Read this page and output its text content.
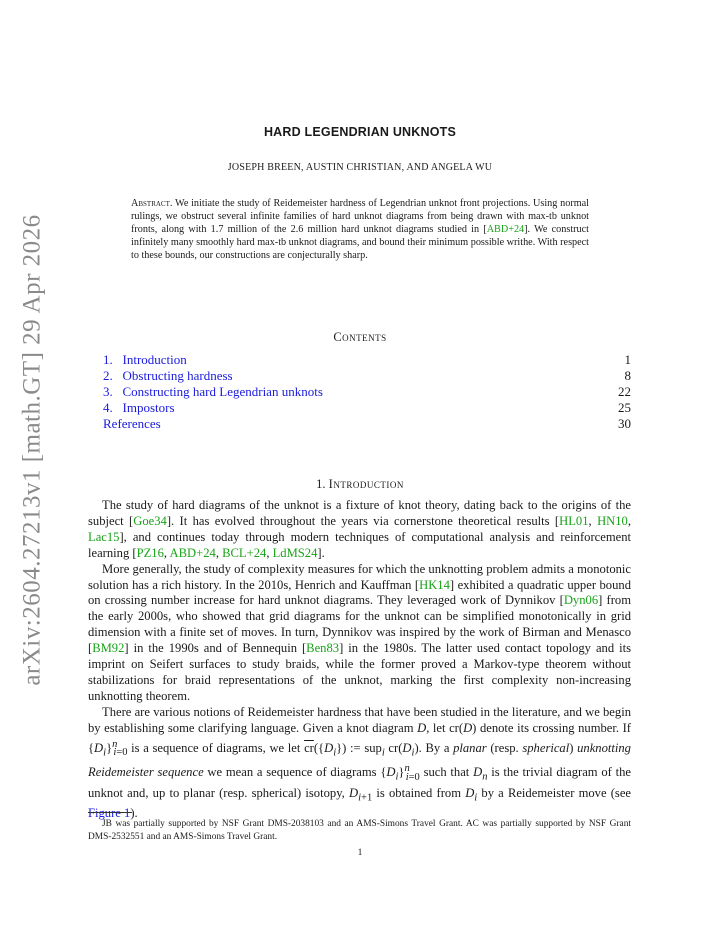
arXiv:2604.27213v1 [math.GT] 29 Apr 2026
HARD LEGENDRIAN UNKNOTS
JOSEPH BREEN, AUSTIN CHRISTIAN, AND ANGELA WU
Abstract. We initiate the study of Reidemeister hardness of Legendrian unknot front projections. Using normal rulings, we obstruct several infinite families of hard unknot diagrams from being drawn with max-tb unknot fronts, along with 1.7 million of the 2.6 million hard unknot diagrams studied in [ABD+24]. We construct infinitely many smoothly hard max-tb unknot diagrams, and bound their minimum possible writhe. With respect to these bounds, our constructions are conjecturally sharp.
Contents
1. Introduction	1
2. Obstructing hardness	8
3. Constructing hard Legendrian unknots	22
4. Impostors	25
References	30
1. Introduction

The study of hard diagrams of the unknot is a fixture of knot theory, dating back to the origins of the subject [Goe34]. It has evolved throughout the years via cornerstone theoretical results [HL01, HN10, Lac15], and continues today through modern techniques of computational analysis and reinforcement learning [PZ16, ABD+24, BCL+24, LdMS24].

More generally, the study of complexity measures for which the unknotting problem admits a monotonic solution has a rich history. In the 2010s, Henrich and Kauffman [HK14] exhibited a quadratic upper bound on crossing number increase for hard unknot diagrams. They leveraged work of Dynnikov [Dyn06] from the early 2000s, who showed that grid diagrams for the unknot can be simplified monotonically in grid dimension with a finite set of moves. In turn, Dynnikov was inspired by the work of Birman and Menasco [BM92] in the 1990s and of Bennequin [Ben83] in the 1980s. The latter used contact topology and its imprint on Seifert surfaces to study braids, while the former proved a Markov-type theorem without stabilizations for braid representations of the unknot, marking the first complexity non-increasing unknotting theorem.

There are various notions of Reidemeister hardness that have been studied in the literature, and we begin by establishing some clarifying language. Given a knot diagram D, let cr(D) denote its crossing number. If $\{D_i\}^n_{i=0}$ is a sequence of diagrams, we let $\overline{cr}(\{D_i\})$ := sup$_i$ $cr(D_i)$. By a planar (resp. spherical) unknotting Reidemeister sequence we mean a sequence of diagrams $\{D_i\}^n_{i=0}$ such that $D_n$ is the trivial diagram of the unknot and, up to planar (resp. spherical) isotopy, $D_{i+1}$ is obtained from $D_i$ by a Reidemeister move (see Figure 1).

JB was partially supported by NSF Grant DMS-2038103 and an AMS-Simons Travel Grant. AC was partially supported by NSF Grant DMS-2532551 and an AMS-Simons Travel Grant.
1
